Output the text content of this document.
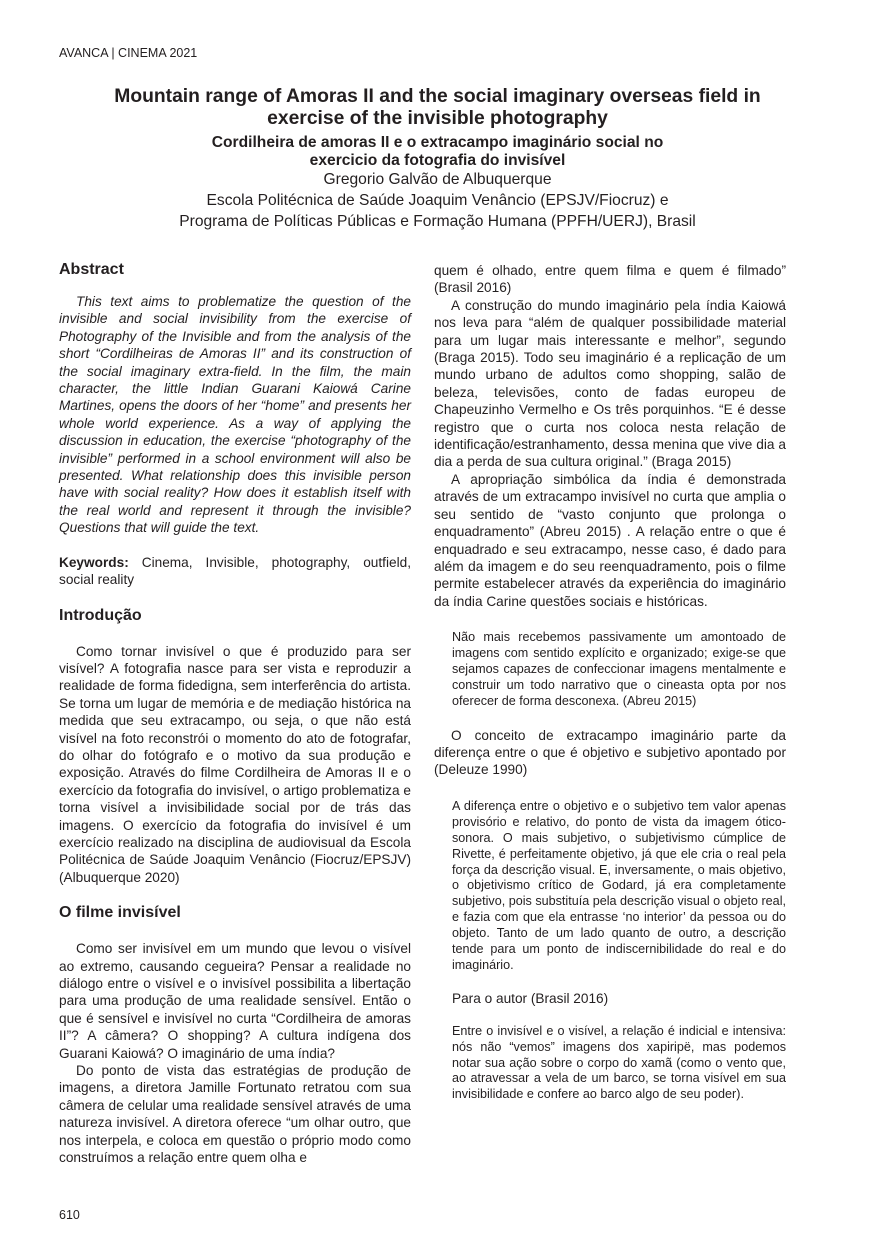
AVANCA | CINEMA 2021

Mountain range of Amoras II and the social imaginary overseas field in

exercise of the invisible photography

Cordilheira de amoras II e o extracampo imaginário social no

exercicio da fotografia do invisível

Gregorio Galvão de Albuquerque

Escola Politécnica de Saúde Joaquim Venâncio (EPSJV/Fiocruz) e

Programa de Políticas Públicas e Formação Humana (PPFH/UERJ), Brasil

Abstract

This text aims to problematize the question of the invisible and social invisibility from the exercise of Photography of the Invisible and from the analysis of the short “Cordilheiras de Amoras II” and its construction of the social imaginary extra-field. In the film, the main character, the little Indian Guarani Kaiowá Carine Martines, opens the doors of her “home” and presents her whole world experience. As a way of applying the discussion in education, the exercise “photography of the invisible” performed in a school environment will also be presented. What relationship does this invisible person have with social reality? How does it establish itself with the real world and represent it through the invisible? Questions that will guide the text.

Keywords: Cinema, Invisible, photography, outfield, social reality

Introdução

Como tornar invisível o que é produzido para ser visível? A fotografia nasce para ser vista e reproduzir a realidade de forma fidedigna, sem interferência do artista. Se torna um lugar de memória e de mediação histórica na medida que seu extracampo, ou seja, o que não está visível na foto reconstrói o momento do ato de fotografar, do olhar do fotógrafo e o motivo da sua produção e exposição. Através do filme Cordilheira de Amoras II e o exercício da fotografia do invisível, o artigo problematiza e torna visível a invisibilidade social por de trás das imagens. O exercício da fotografia do invisível é um exercício realizado na disciplina de audiovisual da Escola Politécnica de Saúde Joaquim Venâncio (Fiocruz/EPSJV) (Albuquerque 2020)

O filme invisível

Como ser invisível em um mundo que levou o visível ao extremo, causando cegueira? Pensar a realidade no diálogo entre o visível e o invisível possibilita a libertação para uma produção de uma realidade sensível. Então o que é sensível e invisível no curta “Cordilheira de amoras II”? A câmera? O shopping? A cultura indígena dos Guarani Kaiowá? O imaginário de uma índia?

Do ponto de vista das estratégias de produção de imagens, a diretora Jamille Fortunato retratou com sua câmera de celular uma realidade sensível através de uma natureza invisível. A diretora oferece “um olhar outro, que nos interpela, e coloca em questão o próprio modo como construímos a relação entre quem olha e

quem é olhado, entre quem filma e quem é filmado” (Brasil 2016)

A construção do mundo imaginário pela índia Kaiowá nos leva para “além de qualquer possibilidade material para um lugar mais interessante e melhor”, segundo (Braga 2015). Todo seu imaginário é a replicação de um mundo urbano de adultos como shopping, salão de beleza, televisões, conto de fadas europeu de Chapeuzinho Vermelho e Os três porquinhos. “E é desse registro que o curta nos coloca nesta relação de identificação/estranhamento, dessa menina que vive dia a dia a perda de sua cultura original.” (Braga 2015)

A apropriação simbólica da índia é demonstrada através de um extracampo invisível no curta que amplia o seu sentido de “vasto conjunto que prolonga o enquadramento” (Abreu 2015) . A relação entre o que é enquadrado e seu extracampo, nesse caso, é dado para além da imagem e do seu reenquadramento, pois o filme permite estabelecer através da experiência do imaginário da índia Carine questões sociais e históricas.

Não mais recebemos passivamente um amontoado de imagens com sentido explícito e organizado; exige-se que sejamos capazes de confeccionar imagens mentalmente e construir um todo narrativo que o cineasta opta por nos oferecer de forma desconexa. (Abreu 2015)

O conceito de extracampo imaginário parte da diferença entre o que é objetivo e subjetivo apontado por (Deleuze 1990)

A diferença entre o objetivo e o subjetivo tem valor apenas provisório e relativo, do ponto de vista da imagem ótico-sonora. O mais subjetivo, o subjetivismo cúmplice de Rivette, é perfeitamente objetivo, já que ele cria o real pela força da descrição visual. E, inversamente, o mais objetivo, o objetivismo crítico de Godard, já era completamente subjetivo, pois substituía pela descrição visual o objeto real, e fazia com que ela entrasse ‘no interior’ da pessoa ou do objeto. Tanto de um lado quanto de outro, a descrição tende para um ponto de indiscernibilidade do real e do imaginário.

Para o autor (Brasil 2016)

Entre o invisível e o visível, a relação é indicial e intensiva: nós não “vemos” imagens dos xapiripë, mas podemos notar sua ação sobre o corpo do xamã (como o vento que, ao atravessar a vela de um barco, se torna visível em sua invisibilidade e confere ao barco algo de seu poder).

610
